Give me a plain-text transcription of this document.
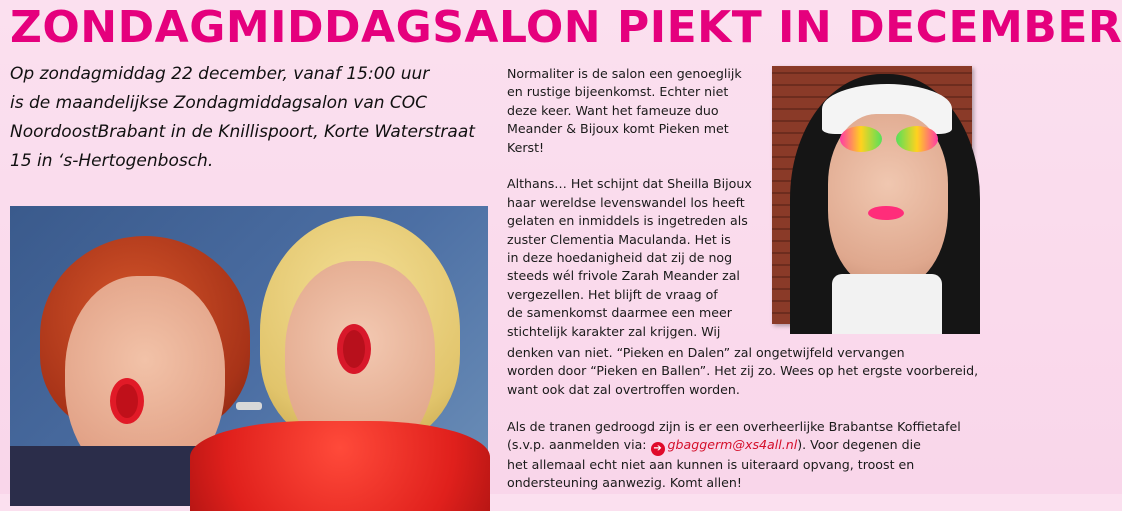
ZONDAGMIDDAGSALON PIEKT IN DECEMBER
Op zondagmiddag 22 december, vanaf 15:00 uur
is de maandelijkse Zondagmiddagsalon van COC
NoordoostBrabant in de Knillispoort, Korte Waterstraat
15 in ‘s-Hertogenbosch.
Normaliter is de salon een genoeglijk
en rustige bijeenkomst. Echter niet
deze keer. Want het fameuze duo
Meander & Bijoux komt Pieken met
Kerst!
Althans… Het schijnt dat Sheilla Bijoux
haar wereldse levenswandel los heeft
gelaten en inmiddels is ingetreden als
zuster Clementia Maculanda. Het is
in deze hoedanigheid dat zij de nog
steeds wél frivole Zarah Meander zal
vergezellen. Het blijft de vraag of
de samenkomst daarmee een meer
stichtelijk karakter zal krijgen. Wij
denken van niet. “Pieken en Dalen” zal ongetwijfeld vervangen
worden door “Pieken en Ballen”. Het zij zo. Wees op het ergste voorbereid,
want ook dat zal overtroffen worden.
Als de tranen gedroogd zijn is er een overheerlijke Brabantse Koffietafel
(s.v.p. aanmelden via: ➔ gbaggerm@xs4all.nl). Voor degenen die
het allemaal echt niet aan kunnen is uiteraard opvang, troost en
ondersteuning aanwezig. Komt allen!
